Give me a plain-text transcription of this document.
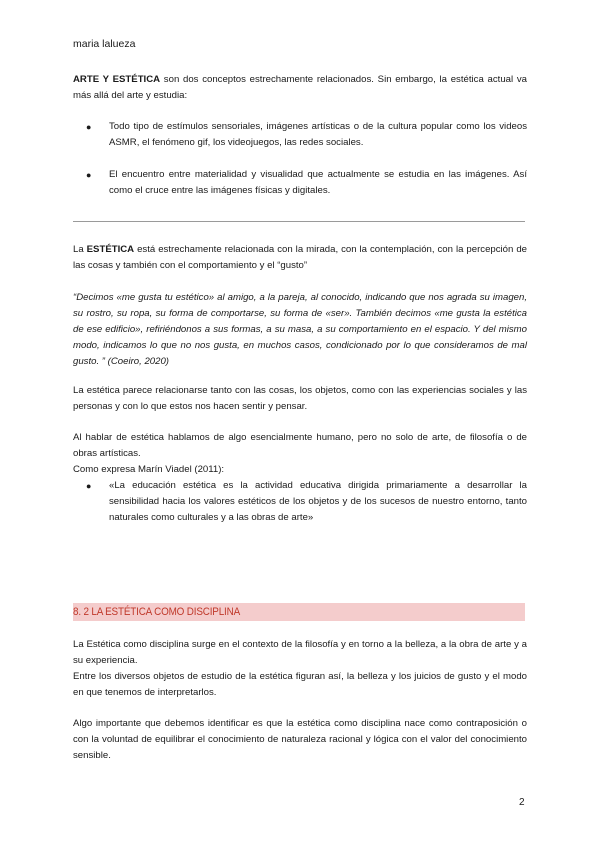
maria lalueza
ARTE Y ESTÉTICA son dos conceptos estrechamente relacionados. Sin embargo, la estética actual va más allá del arte y estudia:
● Todo tipo de estímulos sensoriales, imágenes artísticas o de la cultura popular como los videos ASMR, el fenómeno gif, los videojuegos, las redes sociales.
● El encuentro entre materialidad y visualidad que actualmente se estudia en las imágenes. Así como el cruce entre las imágenes físicas y digitales.
La ESTÉTICA está estrechamente relacionada con la mirada, con la contemplación, con la percepción de las cosas y también con el comportamiento y el “gusto”
“Decimos «me gusta tu estético» al amigo, a la pareja, al conocido, indicando que nos agrada su imagen, su rostro, su ropa, su forma de comportarse, su forma de «ser». También decimos «me gusta la estética de ese edificio», refiriéndonos a sus formas, a su masa, a su comportamiento en el espacio. Y del mismo modo, indicamos lo que no nos gusta, en muchos casos, condicionado por lo que consideramos de mal gusto. ” (Coeiro, 2020)
La estética parece relacionarse tanto con las cosas, los objetos, como con las experiencias sociales y las personas y con lo que estos nos hacen sentir y pensar.
Al hablar de estética hablamos de algo esencialmente humano, pero no solo de arte, de filosofía o de obras artísticas.
Como expresa Marín Viadel (2011):
● «La educación estética es la actividad educativa dirigida primariamente a desarrollar la sensibilidad hacia los valores estéticos de los objetos y de los sucesos de nuestro entorno, tanto naturales como culturales y a las obras de arte»
8. 2 LA ESTÉTICA COMO DISCIPLINA
La Estética como disciplina surge en el contexto de la filosofía y en torno a la belleza, a la obra de arte y a su experiencia.
Entre los diversos objetos de estudio de la estética figuran así, la belleza y los juicios de gusto y el modo en que tenemos de interpretarlos.
Algo importante que debemos identificar es que la estética como disciplina nace como contraposición o con la voluntad de equilibrar el conocimiento de naturaleza racional y lógica con el valor del conocimiento sensible.
2
